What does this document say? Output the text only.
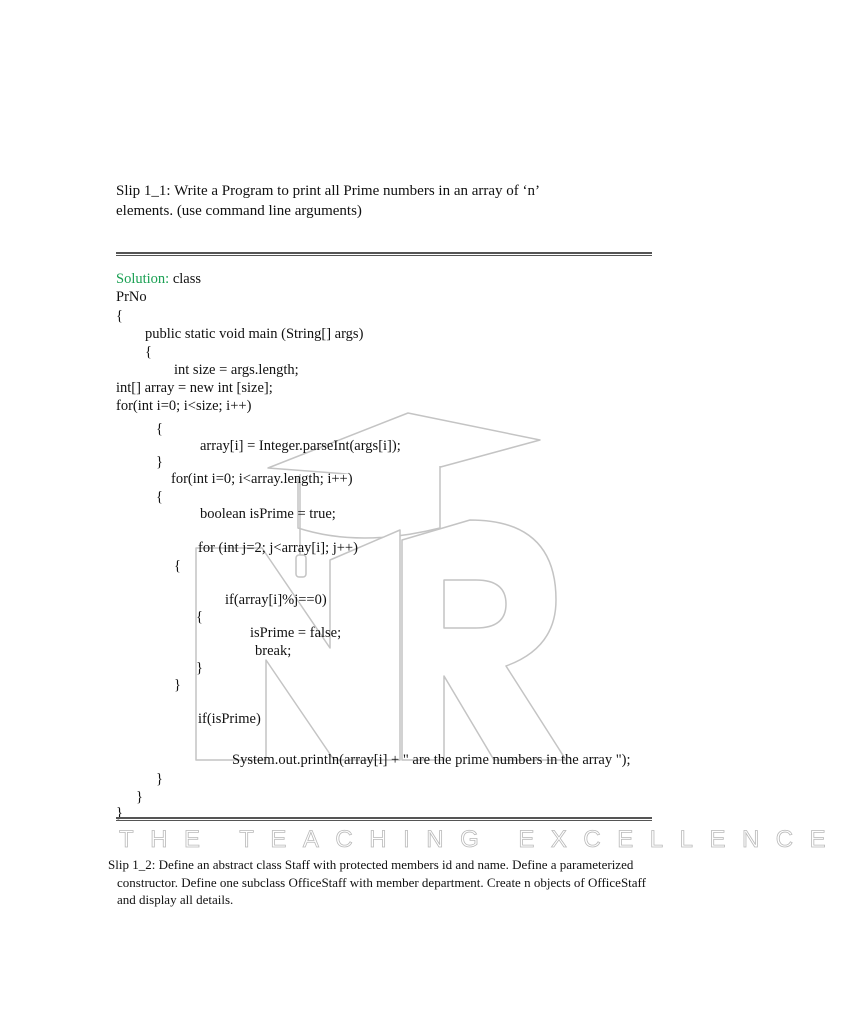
Slip 1_1: Write a Program to print all Prime numbers in an array of ‘n’
elements. (use command line arguments)
Solution: class
PrNo
{
public static void main (String[] args)
{
int size = args.length;
int[] array = new int [size];
for(int i=0; i<size; i++)
{
array[i] = Integer.parseInt(args[i]);
}
for(int i=0; i<array.length; i++)
{
boolean isPrime = true;
for (int j=2; j<array[i]; j++)
{
if(array[i]%j==0)
{
isPrime = false;
break;
}
}
if(isPrime)
System.out.println(array[i] + " are the prime numbers in the array ");
}
}
}
THE TEACHING EXCELLENCE
Slip 1_2: Define an abstract class Staff with protected members id and name. Define a parameterized
constructor. Define one subclass OfficeStaff with member department. Create n objects of OfficeStaff
and display all details.
